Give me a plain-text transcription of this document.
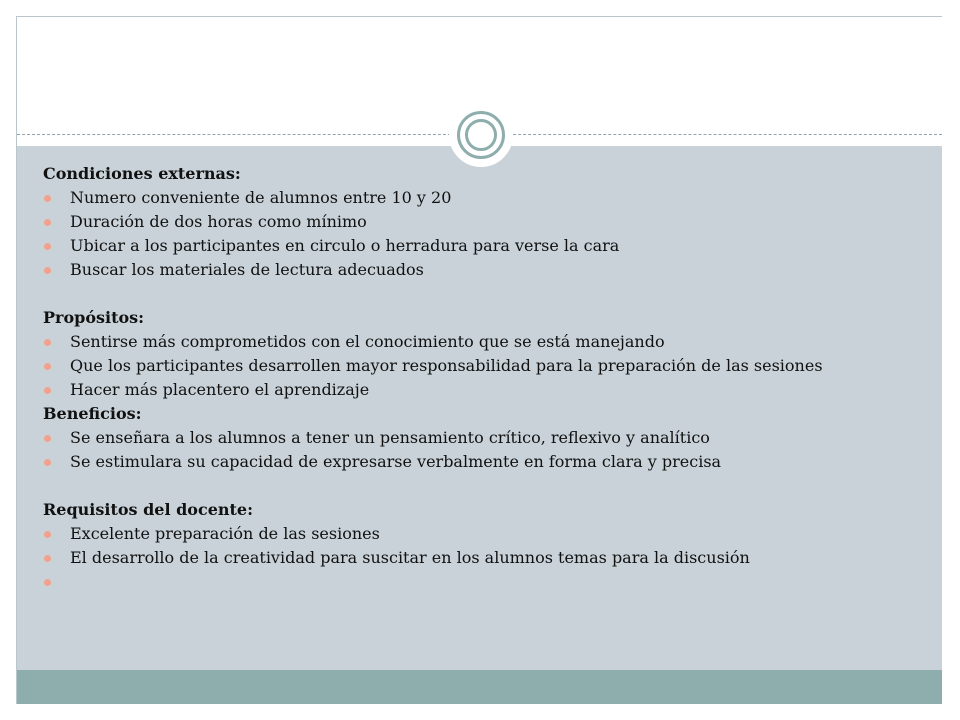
Condiciones externas:

Numero conveniente de alumnos entre 10 y 20
Duración de dos horas como mínimo
Ubicar a los participantes en circulo o herradura para verse la cara
Buscar los materiales de lectura adecuados

Propósitos:

Sentirse más comprometidos con el conocimiento que se está manejando
Que los participantes desarrollen mayor responsabilidad para la preparación de las sesiones
Hacer más placentero el aprendizaje

Beneficios:

Se enseñara a los alumnos a tener un pensamiento crítico, reflexivo y analítico
Se estimulara su capacidad de expresarse verbalmente en forma clara y precisa

Requisitos del docente:

Excelente preparación de las sesiones
El desarrollo de la creatividad para suscitar en los alumnos temas para la discusión
